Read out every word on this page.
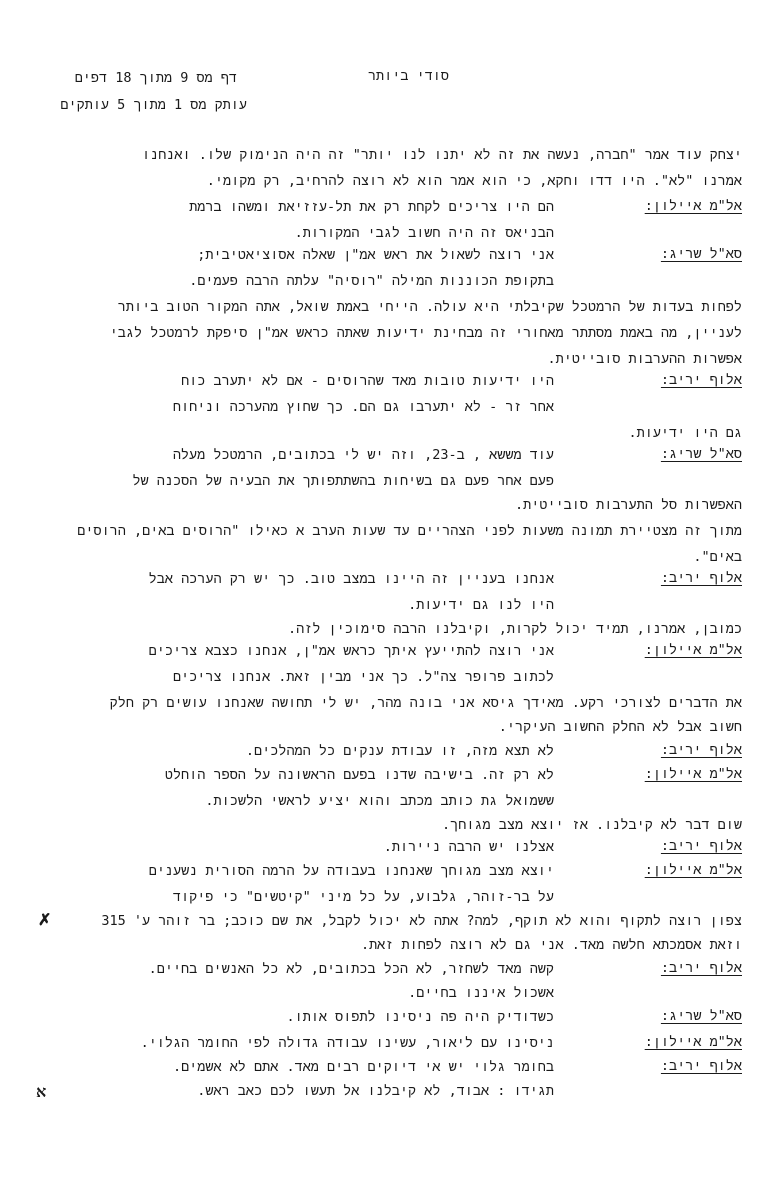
סודי ביותר
דף מס 9 מתוך 18 דפים
עותק מס 1 מתוך 5 עותקים
יצחק עוד אמר "חברה, נעשה את זה לא יתנו לנו יותר" זה היה הנימוק שלו. ואנחנו
אמרנו "לא". היו דדו וחקא, כי הוא אמר הוא לא רוצה להרחיב, רק מקומי.
אל"מ איילון:
הם היו צריכים לקחת רק את תל-עזזיאת ומשהו ברמת
הבניאס זה היה חשוב לגבי המקורות.
סא"ל שריג:
אני רוצה לשאול את ראש אמ"ן שאלה אסוציאטיבית;
בתקופת הכוננות המילה "רוסיה" עלתה הרבה פעמים.
לפחות בעדות של הרמטכל שקיבלתי היא עולה. הייחי באמת שואל, אתה המקור הטוב ביותר
לעניין, מה באמת מסתתר מאחורי זה מבחינת ידיעות שאתה כראש אמ"ן סיפקת לרמטכל לגבי
אפשרות ההערבות סובייטית.
אלוף יריב:
היו ידיעות טובות מאד שהרוסים - אם לא יתערב כוח
אחר זר - לא יתערבו גם הם. כך שחוץ מהערכה וניחוח
גם היו ידיעות.
סא"ל שריג:
עוד מששא , ב-23, וזה יש לי בכתובים, הרמטכל מעלה
פעם אחר פעם גם בשיחות בהשתתפותך את הבעיה של הסכנה של
האפשרות סל התערבות סובייטית.
מתוך זה מצטיירת תמונה משעות לפני הצהריים עד שעות הערב א כאילו "הרוסים באים, הרוסים
באים".
אלוף יריב:
אנחנו בעניין זה היינו במצב טוב. כך יש רק הערכה אבל
היו לנו גם ידיעות.
כמובן, אמרנו, תמיד יכול לקרות, וקיבלנו הרבה סימוכין לזה.
אל"מ איילון:
אני רוצה להתייעץ איתך כראש אמ"ן, אנחנו כצבא צריכים
לכתוב פרופר צה"ל. כך אני מבין זאת. אנחנו צריכים
את הדברים לצורכי רקע. מאידך גיסא אני בונה מהר, יש לי תחושה שאנחנו עושים רק חלק
חשוב אבל לא החלק החשוב העיקרי.
אלוף יריב:
לא תצא מזה, זו עבודת ענקים כל המהלכים.
אל"מ איילון:
לא רק זה. בישיבה שדנו בפעם הראשונה על הספר הוחלט
ששמואל גת כותב מכתב והוא יציע לראשי הלשכות.
שום דבר לא קיבלנו. אז יוצא מצב מגוחך.
אלוף יריב:
אצלנו יש הרבה ניירות.
אל"מ איילון:
יוצא מצב מגוחך שאנחנו בעבודה על הרמה הסורית נשענים
על בר-זוהר, גלבוע, על כל מיני "קיטשים" כי פיקוד
צפון רוצה לתקוף והוא לא תוקף, למה? אתה לא יכול לקבל, את שם כוכב; בר זוהר ע' 315
וזאת אסמכתא חלשה מאד. אני גם לא רוצה לפחות זאת.
אלוף יריב:
קשה מאד לשחזר, לא הכל בכתובים, לא כל האנשים בחיים.
אשכול איננו בחיים.
סא"ל שריג:
כשדודיק היה פה ניסינו לתפוס אותו.
אל"מ איילון:
ניסינו עם ליאור, עשינו עבודה גדולה לפי החומר הגלוי.
אלוף יריב:
בחומר גלוי יש אי דיוקים רבים מאד. אתם לא אשמים.
תגידו : אבוד, לא קיבלנו אל תעשו לכם כאב ראש.
✗
א
